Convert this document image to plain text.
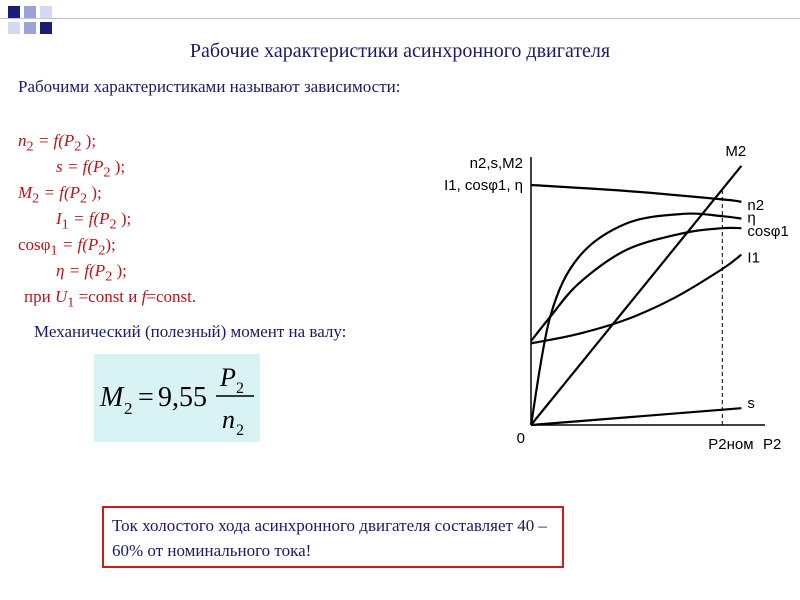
Рабочие характеристики асинхронного двигателя
Рабочими характеристиками называют зависимости:
$n_2 = f(P_2$ );
$s = f(P_2$ );
$M_2 = f(P_2$ );
$I_1 = f(P_2$ );
$\cos\varphi_1 = f(P_2)$;
$\eta = f(P_2$ );
при $U_1$ =const и f=const.
Механический (полезный) момент на валу:
M 2 = 9,55
P 2
n 2
M2
n2
η
cosφ1
I1
s
n2,s,M2
I1, cosφ1, η
0	P2ном P2
Ток холостого хода асинхронного двигателя составляет 40 – 60% от номинального тока!
